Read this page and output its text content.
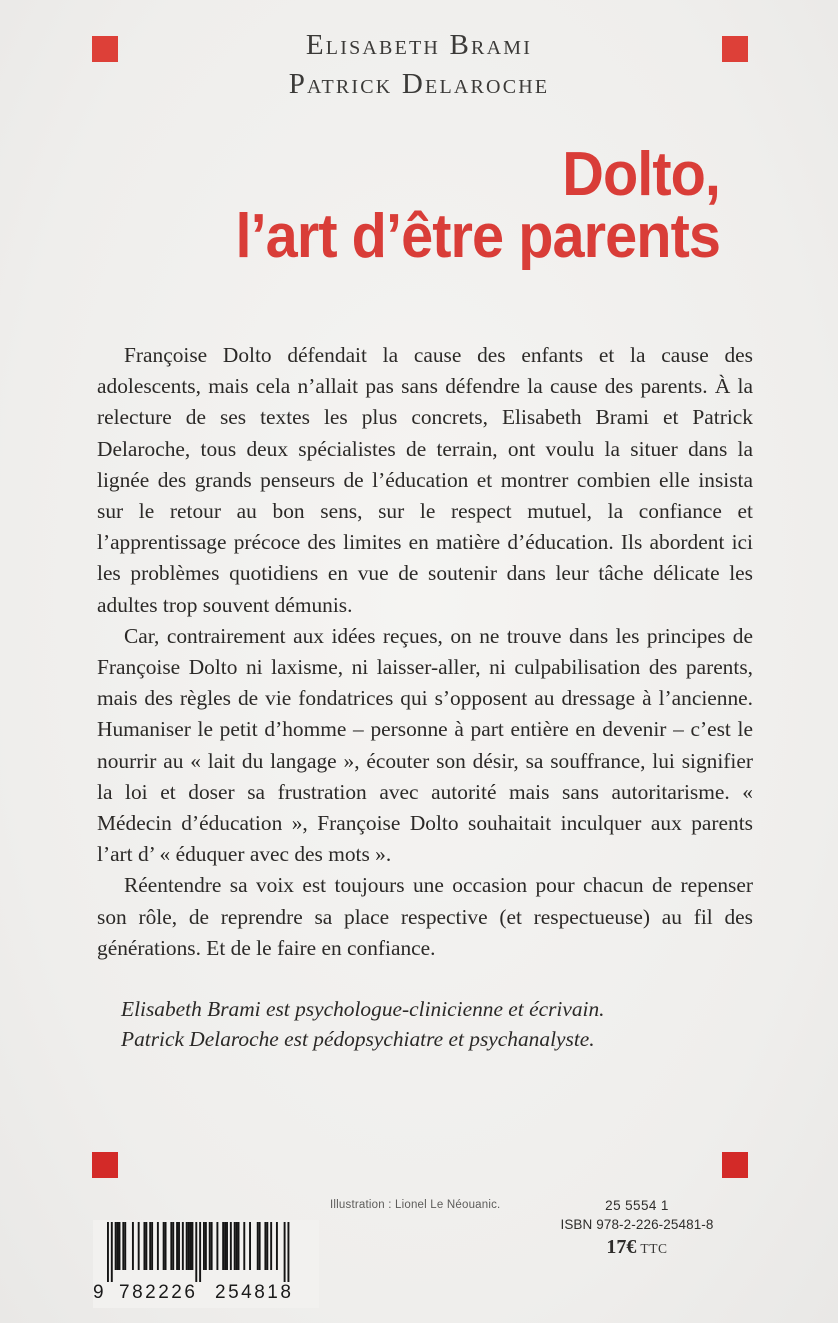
Elisabeth Brami
Patrick Delaroche
Dolto,
l’art d’être parents

Françoise Dolto défendait la cause des enfants et la cause des adolescents, mais cela n’allait pas sans défendre la cause des parents. À la relecture de ses textes les plus concrets, Elisabeth Brami et Patrick Delaroche, tous deux spécialistes de terrain, ont voulu la situer dans la lignée des grands penseurs de l’éducation et montrer combien elle insista sur le retour au bon sens, sur le respect mutuel, la confiance et l’apprentissage précoce des limites en matière d’éducation. Ils abordent ici les problèmes quotidiens en vue de soutenir dans leur tâche délicate les adultes trop souvent démunis.

Car, contrairement aux idées reçues, on ne trouve dans les principes de Françoise Dolto ni laxisme, ni laisser-aller, ni culpabilisation des parents, mais des règles de vie fondatrices qui s’opposent au dressage à l’ancienne. Humaniser le petit d’homme – personne à part entière en devenir – c’est le nourrir au « lait du langage », écouter son désir, sa souffrance, lui signifier la loi et doser sa frustration avec autorité mais sans autoritarisme. « Médecin d’éducation », Françoise Dolto souhaitait inculquer aux parents l’art d’ « éduquer avec des mots ».

Réentendre sa voix est toujours une occasion pour chacun de repenser son rôle, de reprendre sa place respective (et respectueuse) au fil des générations. Et de le faire en confiance.

Elisabeth Brami est psychologue-clinicienne et écrivain.
Patrick Delaroche est pédopsychiatre et psychanalyste.
Illustration : Lionel Le Néouanic.	25 5554 1
ISBN 978-2-226-25481-8
17€ TTC
9 782226 254818
